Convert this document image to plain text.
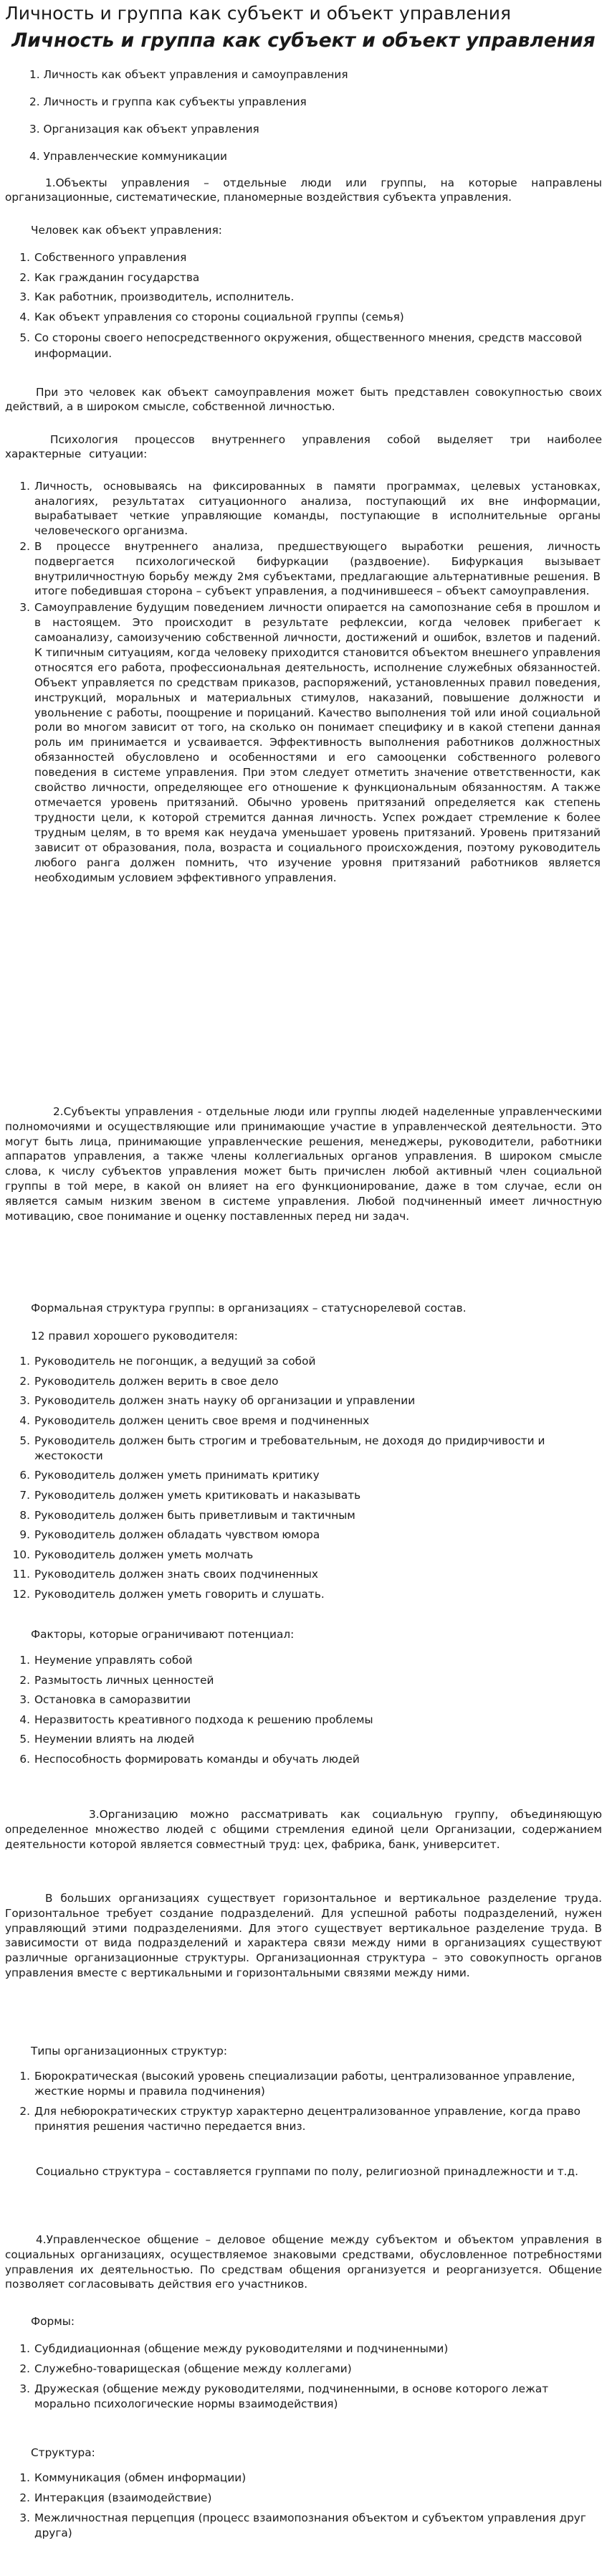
Личность и группа как субъект и объект управления
Личность и группа как субъект и объект управления
1. Личность как объект управления и самоуправления
2. Личность и группа как субъекты управления
3. Организация как объект управления
4. Управленческие коммуникации

1.Объекты управления – отдельные люди или группы, на которые направлены организационные, систематические, планомерные воздействия субъекта управления.

Человек как объект управления:

1. Собственного управления
2. Как гражданин государства
3. Как работник, производитель, исполнитель.
4. Как объект управления со стороны социальной группы (семья)
5. Со стороны своего непосредственного окружения, общественного мнения, средств массовой информации.

При это человек как объект самоуправления может быть представлен совокупностью своих действий, а в широком смысле, собственной личностью.

Психология процессов внутреннего управления собой выделяет три наиболее характерные ситуации:

1. Личность, основываясь на фиксированных в памяти программах, целевых установках, аналогиях, результатах ситуационного анализа, поступающий их вне информации, вырабатывает четкие управляющие команды, поступающие в исполнительные органы человеческого организма.
2. В процессе внутреннего анализа, предшествующего выработки решения, личность подвергается психологической бифуркации (раздвоение). Бифуркация вызывает внутриличностную борьбу между 2мя субъектами, предлагающие альтернативные решения. В итоге победившая сторона – субъект управления, а подчинившееся – объект самоуправления.
3. Самоуправление будущим поведением личности опирается на самопознание себя в прошлом и в настоящем. Это происходит в результате рефлексии, когда человек прибегает к самоанализу, самоизучению собственной личности, достижений и ошибок, взлетов и падений. К типичным ситуациям, когда человеку приходится становится объектом внешнего управления относятся его работа, профессиональная деятельность, исполнение служебных обязанностей. Объект управляется по средствам приказов, распоряжений, установленных правил поведения, инструкций, моральных и материальных стимулов, наказаний, повышение должности и увольнение с работы, поощрение и порицаний. Качество выполнения той или иной социальной роли во многом зависит от того, на сколько он понимает специфику и в какой степени данная роль им принимается и усваивается. Эффективность выполнения работников должностных обязанностей обусловлено и особенностями и его самооценки собственного ролевого поведения в системе управления. При этом следует отметить значение ответственности, как свойство личности, определяющее его отношение к функциональным обязанностям. А также отмечается уровень притязаний. Обычно уровень притязаний определяется как степень трудности цели, к которой стремится данная личность. Успех рождает стремление к более трудным целям, в то время как неудача уменьшает уровень притязаний. Уровень притязаний зависит от образования, пола, возраста и социального происхождения, поэтому руководитель любого ранга должен помнить, что изучение уровня притязаний работников является необходимым условием эффективного управления.

2.Субъекты управления - отдельные люди или группы людей наделенные управленческими полномочиями и осуществляющие или принимающие участие в управленческой деятельности. Это могут быть лица, принимающие управленческие решения, менеджеры, руководители, работники аппаратов управления, а также члены коллегиальных органов управления. В широком смысле слова, к числу субъектов управления может быть причислен любой активный член социальной группы в той мере, в какой он влияет на его функционирование, даже в том случае, если он является самым низким звеном в системе управления. Любой подчиненный имеет личностную мотивацию, свое понимание и оценку поставленных перед ни задач.

Формальная структура группы: в организациях – статуснорелевой состав.

12 правил хорошего руководителя:

1. Руководитель не погонщик, а ведущий за собой
2. Руководитель должен верить в свое дело
3. Руководитель должен знать науку об организации и управлении
4. Руководитель должен ценить свое время и подчиненных
5. Руководитель должен быть строгим и требовательным, не доходя до придирчивости и жестокости
6. Руководитель должен уметь принимать критику
7. Руководитель должен уметь критиковать и наказывать
8. Руководитель должен быть приветливым и тактичным
9. Руководитель должен обладать чувством юмора
10. Руководитель должен уметь молчать
11. Руководитель должен знать своих подчиненных
12. Руководитель должен уметь говорить и слушать.

Факторы, которые ограничивают потенциал:

1. Неумение управлять собой
2. Размытость личных ценностей
3. Остановка в саморазвитии
4. Неразвитость креативного подхода к решению проблемы
5. Неумении влиять на людей
6. Неспособность формировать команды и обучать людей

3.Организацию можно рассматривать как социальную группу, объединяющую определенное множество людей с общими стремления единой цели Организации, содержанием деятельности которой является совместный труд: цех, фабрика, банк, университет.

В больших организациях существует горизонтальное и вертикальное разделение труда. Горизонтальное требует создание подразделений. Для успешной работы подразделений, нужен управляющий этими подразделениями. Для этого существует вертикальное разделение труда. В зависимости от вида подразделений и характера связи между ними в организациях существуют различные организационные структуры. Организационная структура – это совокупность органов управления вместе с вертикальными и горизонтальными связями между ними.

Типы организационных структур:

1. Бюрократическая (высокий уровень специализации работы, централизованное управление, жесткие нормы и правила подчинения)
2. Для небюрократических структур характерно децентрализованное управление, когда право принятия решения частично передается вниз.

Социально структура – составляется группами по полу, религиозной принадлежности и т.д.

4.Управленческое общение – деловое общение между субъектом и объектом управления в социальных организациях, осуществляемое знаковыми средствами, обусловленное потребностями управления их деятельностью. По средствам общения организуется и реорганизуется. Общение позволяет согласовывать действия его участников.

Формы:

1. Субдидиационная (общение между руководителями и подчиненными)
2. Служебно-товарищеская (общение между коллегами)
3. Дружеская (общение между руководителями, подчиненными, в основе которого лежат морально психологические нормы взаимодействия)

Структура:

1. Коммуникация (обмен информации)
2. Интеракция (взаимодействие)
3. Межличностная перцепция (процесс взаимопознания объектом и субъектом управления друг друга)
